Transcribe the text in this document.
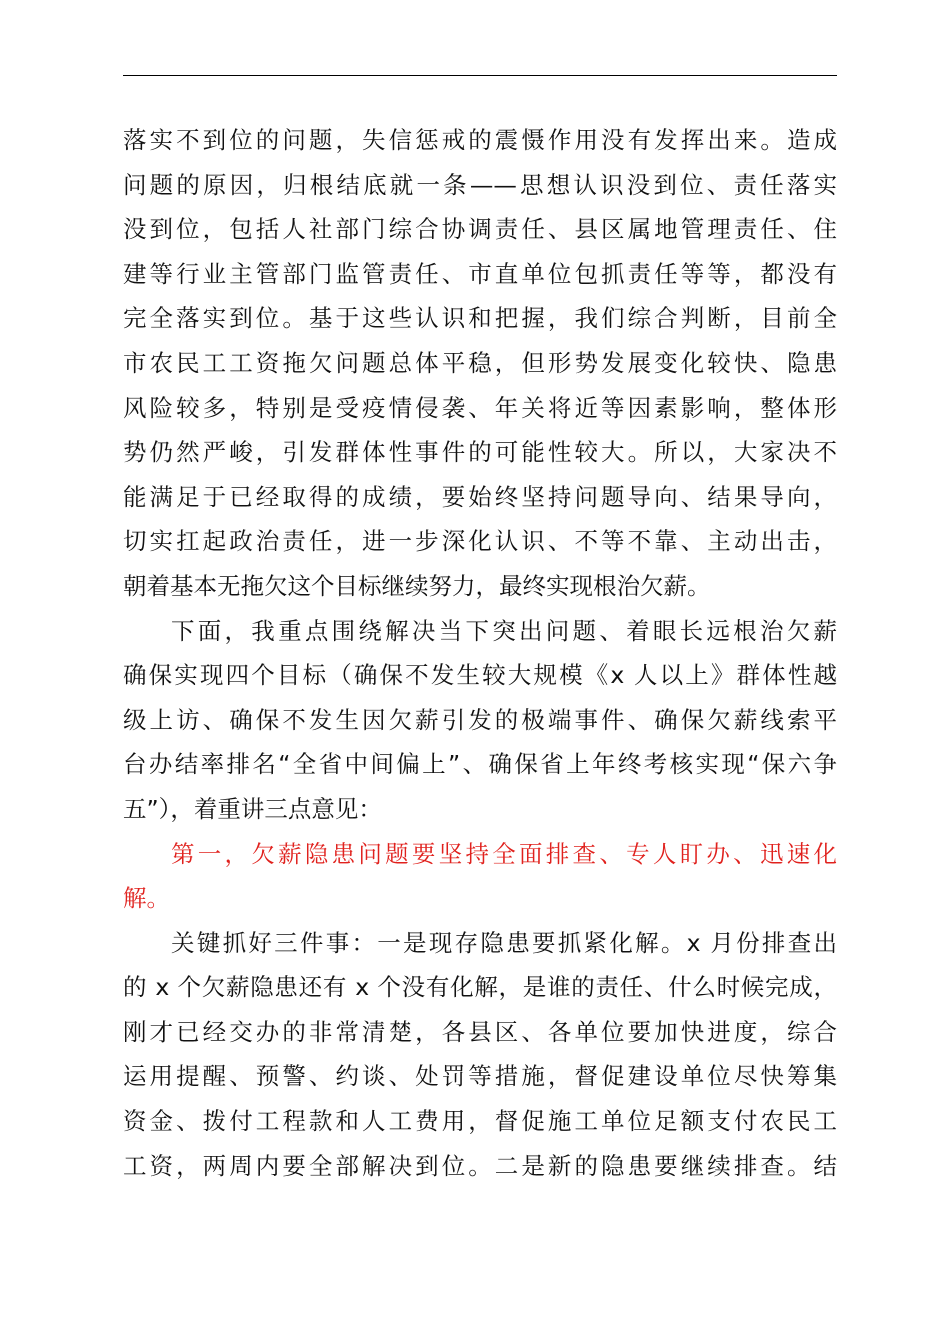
落实不到位的问题，失信惩戒的震慑作用没有发挥出来。造成
问题的原因，归根结底就一条——思想认识没到位、责任落实
没到位，包括人社部门综合协调责任、县区属地管理责任、住
建等行业主管部门监管责任、市直单位包抓责任等等，都没有
完全落实到位。基于这些认识和把握，我们综合判断，目前全
市农民工工资拖欠问题总体平稳，但形势发展变化较快、隐患
风险较多，特别是受疫情侵袭、年关将近等因素影响，整体形
势仍然严峻，引发群体性事件的可能性较大。所以，大家决不
能满足于已经取得的成绩，要始终坚持问题导向、结果导向，
切实扛起政治责任，进一步深化认识、不等不靠、主动出击，
朝着基本无拖欠这个目标继续努力，最终实现根治欠薪。
下面，我重点围绕解决当下突出问题、着眼长远根治欠薪
确保实现四个目标（确保不发生较大规模《x 人以上》群体性越
级上访、确保不发生因欠薪引发的极端事件、确保欠薪线索平
台办结率排名“全省中间偏上”、确保省上年终考核实现“保六争
五”），着重讲三点意见：
第一，欠薪隐患问题要坚持全面排查、专人盯办、迅速化
解。
关键抓好三件事：一是现存隐患要抓紧化解。x 月份排查出
的 x 个欠薪隐患还有 x 个没有化解，是谁的责任、什么时候完成，
刚才已经交办的非常清楚，各县区、各单位要加快进度，综合
运用提醒、预警、约谈、处罚等措施，督促建设单位尽快筹集
资金、拨付工程款和人工费用，督促施工单位足额支付农民工
工资，两周内要全部解决到位。二是新的隐患要继续排查。结
